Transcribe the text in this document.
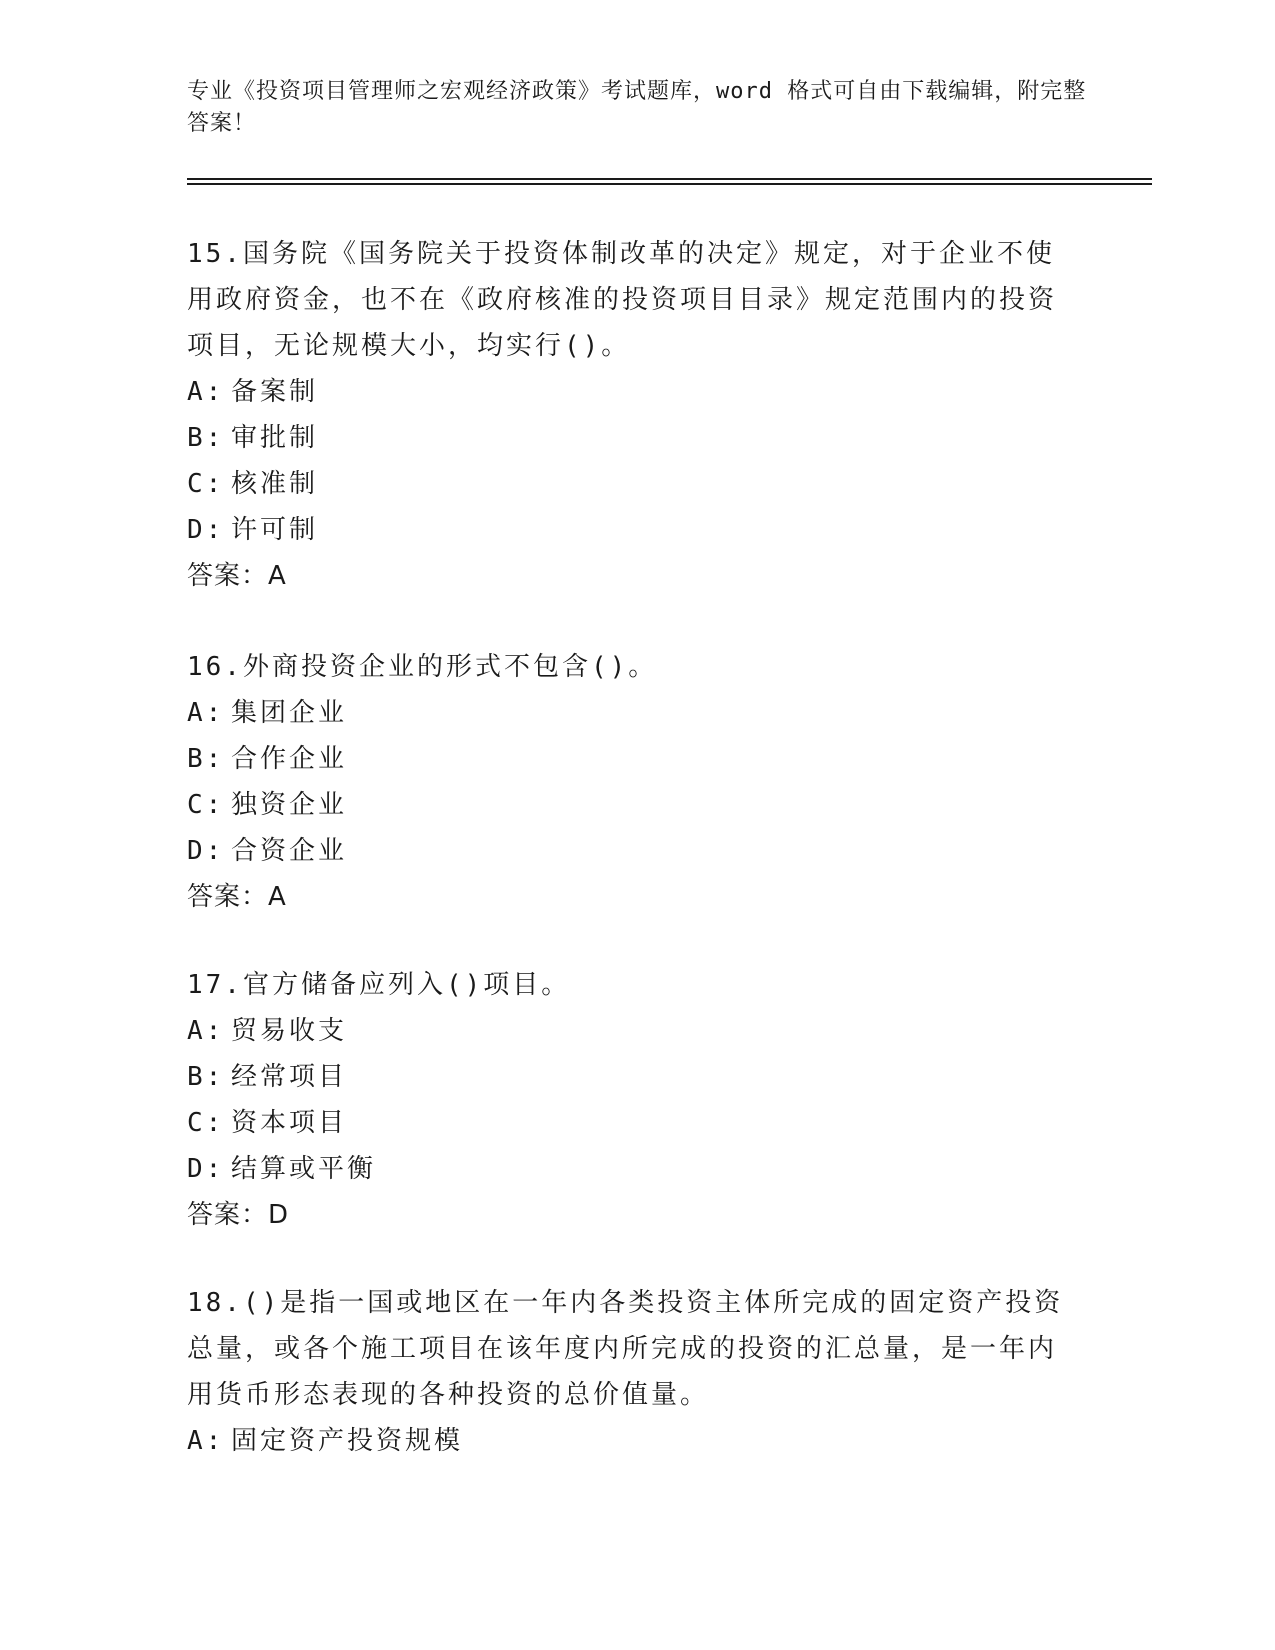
专业《投资项目管理师之宏观经济政策》考试题库，word 格式可自由下载编辑，附完整答案！
15.国务院《国务院关于投资体制改革的决定》规定，对于企业不使用政府资金，也不在《政府核准的投资项目目录》规定范围内的投资项目，无论规模大小，均实行()。
A: 备案制
B: 审批制
C: 核准制
D: 许可制
答案：A
16.外商投资企业的形式不包含()。
A: 集团企业
B: 合作企业
C: 独资企业
D: 合资企业
答案：A
17.官方储备应列入()项目。
A: 贸易收支
B: 经常项目
C: 资本项目
D: 结算或平衡
答案：D
18.()是指一国或地区在一年内各类投资主体所完成的固定资产投资总量，或各个施工项目在该年度内所完成的投资的汇总量，是一年内用货币形态表现的各种投资的总价值量。
A: 固定资产投资规模
